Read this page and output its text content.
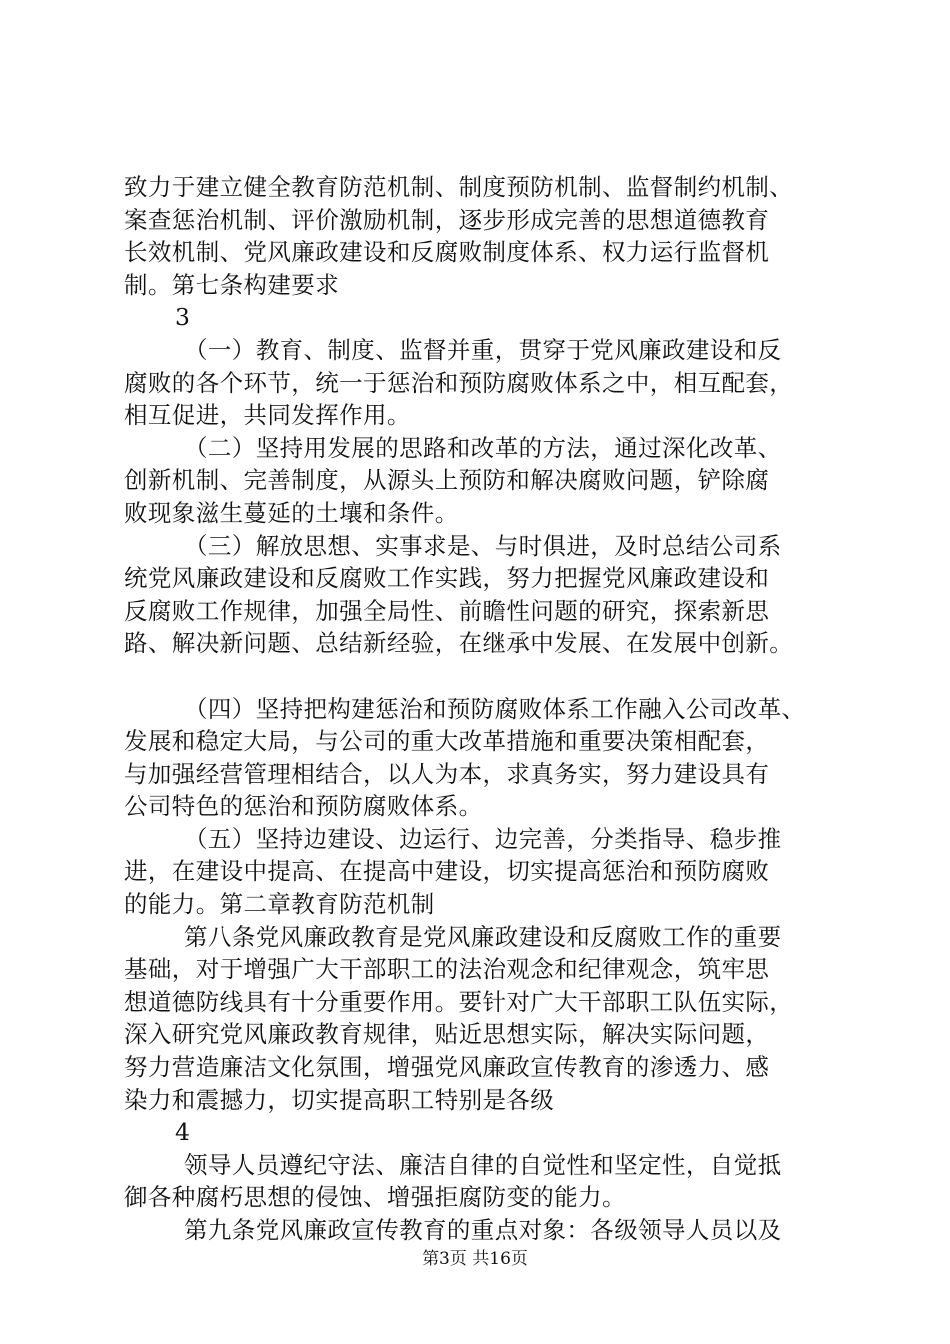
致力于建立健全教育防范机制、制度预防机制、监督制约机制、
案查惩治机制、评价激励机制，逐步形成完善的思想道德教育
长效机制、党风廉政建设和反腐败制度体系、权力运行监督机
制。第七条构建要求
3
（一）教育、制度、监督并重，贯穿于党风廉政建设和反
腐败的各个环节，统一于惩治和预防腐败体系之中，相互配套，
相互促进，共同发挥作用。
（二）坚持用发展的思路和改革的方法，通过深化改革、
创新机制、完善制度，从源头上预防和解决腐败问题，铲除腐
败现象滋生蔓延的土壤和条件。
（三）解放思想、实事求是、与时俱进，及时总结公司系
统党风廉政建设和反腐败工作实践，努力把握党风廉政建设和
反腐败工作规律，加强全局性、前瞻性问题的研究，探索新思
路、解决新问题、总结新经验，在继承中发展、在发展中创新。
（四）坚持把构建惩治和预防腐败体系工作融入公司改革、
发展和稳定大局，与公司的重大改革措施和重要决策相配套，
与加强经营管理相结合，以人为本，求真务实，努力建设具有
公司特色的惩治和预防腐败体系。
（五）坚持边建设、边运行、边完善，分类指导、稳步推
进，在建设中提高、在提高中建设，切实提高惩治和预防腐败
的能力。第二章教育防范机制
第八条党风廉政教育是党风廉政建设和反腐败工作的重要
基础，对于增强广大干部职工的法治观念和纪律观念，筑牢思
想道德防线具有十分重要作用。要针对广大干部职工队伍实际，
深入研究党风廉政教育规律，贴近思想实际，解决实际问题，
努力营造廉洁文化氛围，增强党风廉政宣传教育的渗透力、感
染力和震撼力，切实提高职工特别是各级
4
领导人员遵纪守法、廉洁自律的自觉性和坚定性，自觉抵
御各种腐朽思想的侵蚀、增强拒腐防变的能力。
第九条党风廉政宣传教育的重点对象：各级领导人员以及
第3页 共16页
